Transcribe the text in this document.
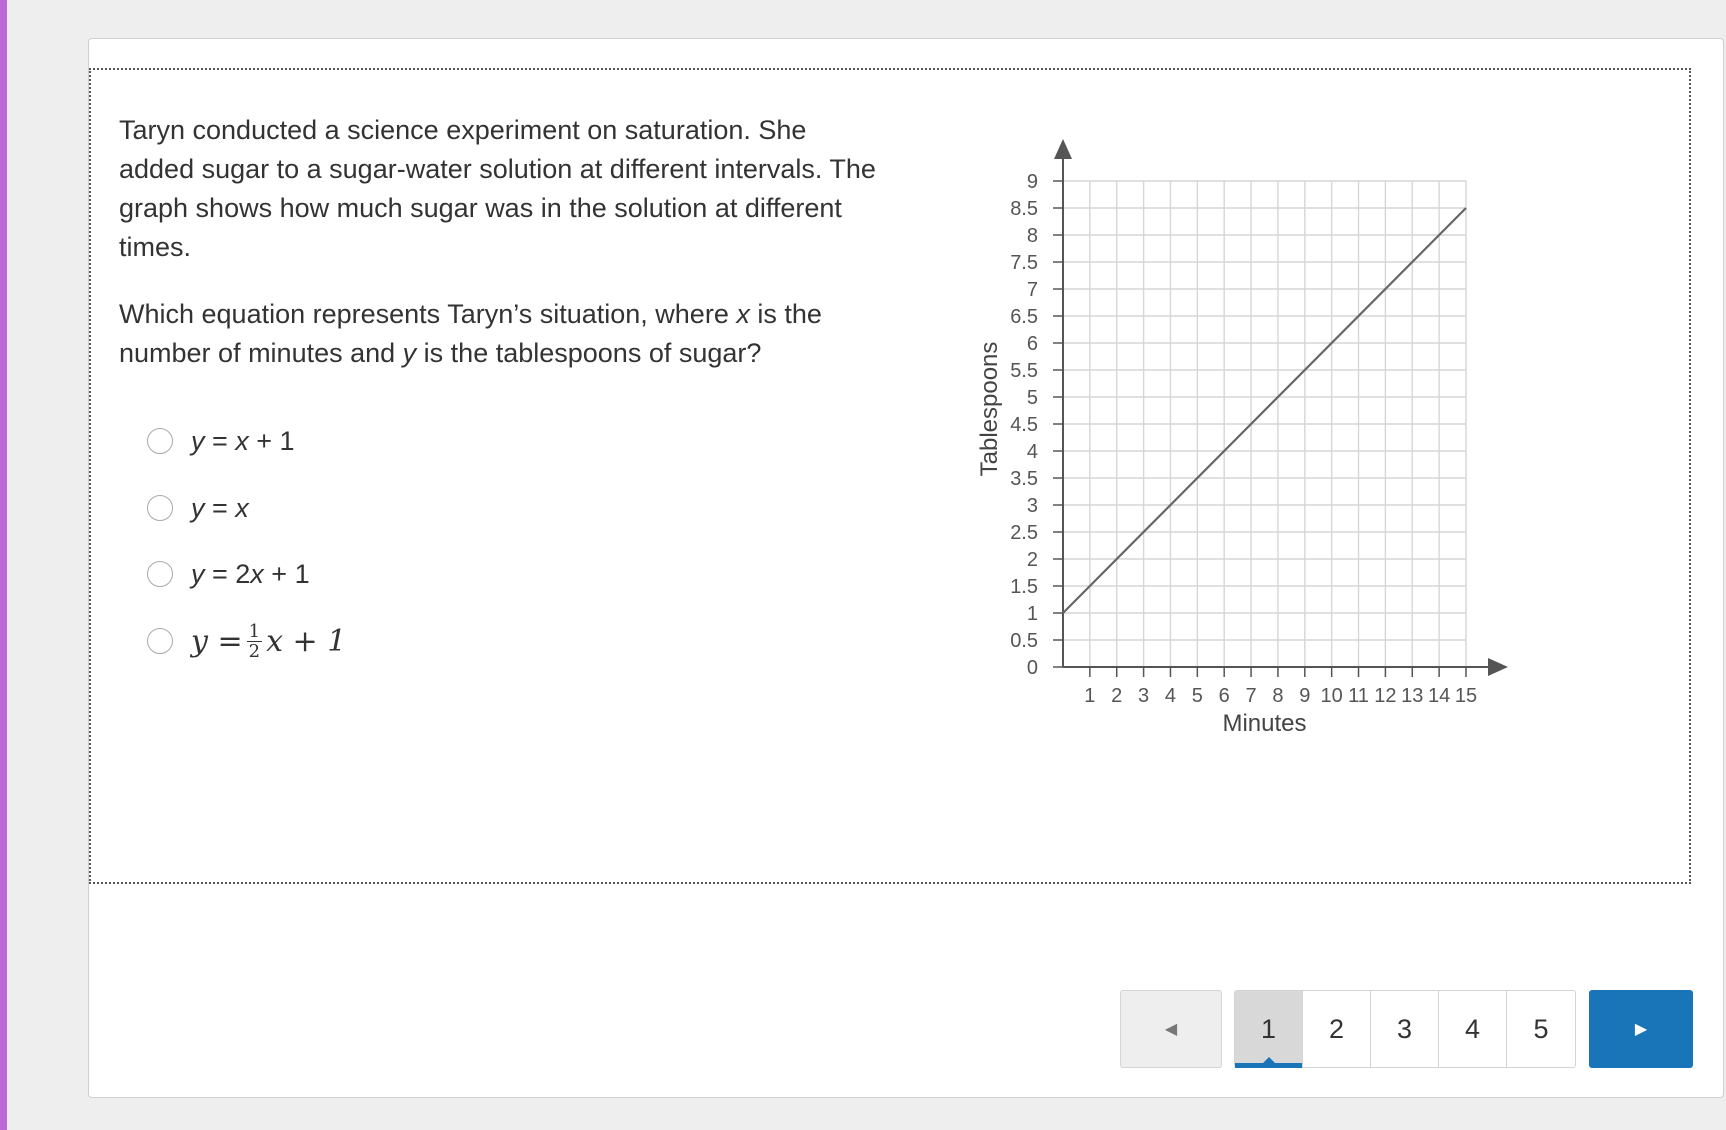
Taryn conducted a science experiment on saturation. She added sugar to a sugar-water solution at different intervals. The graph shows how much sugar was in the solution at different times.

Which equation represents Taryn’s situation, where x is the number of minutes and y is the tablespoons of sugar?

y = x + 1
y = x
y = 2x + 1
$y = \frac{1}{2}$ x + 1
0
0.5
1
1.5
2
2.5
3
3.5
4
4.5
5
5.5
6
6.5
7
7.5
8
8.5
9
1 2 3 4 5 6 7 8 9 10 11 12 13 14 15
Minutes
Tablespoons
◀	1	2	3	4	5	▶
